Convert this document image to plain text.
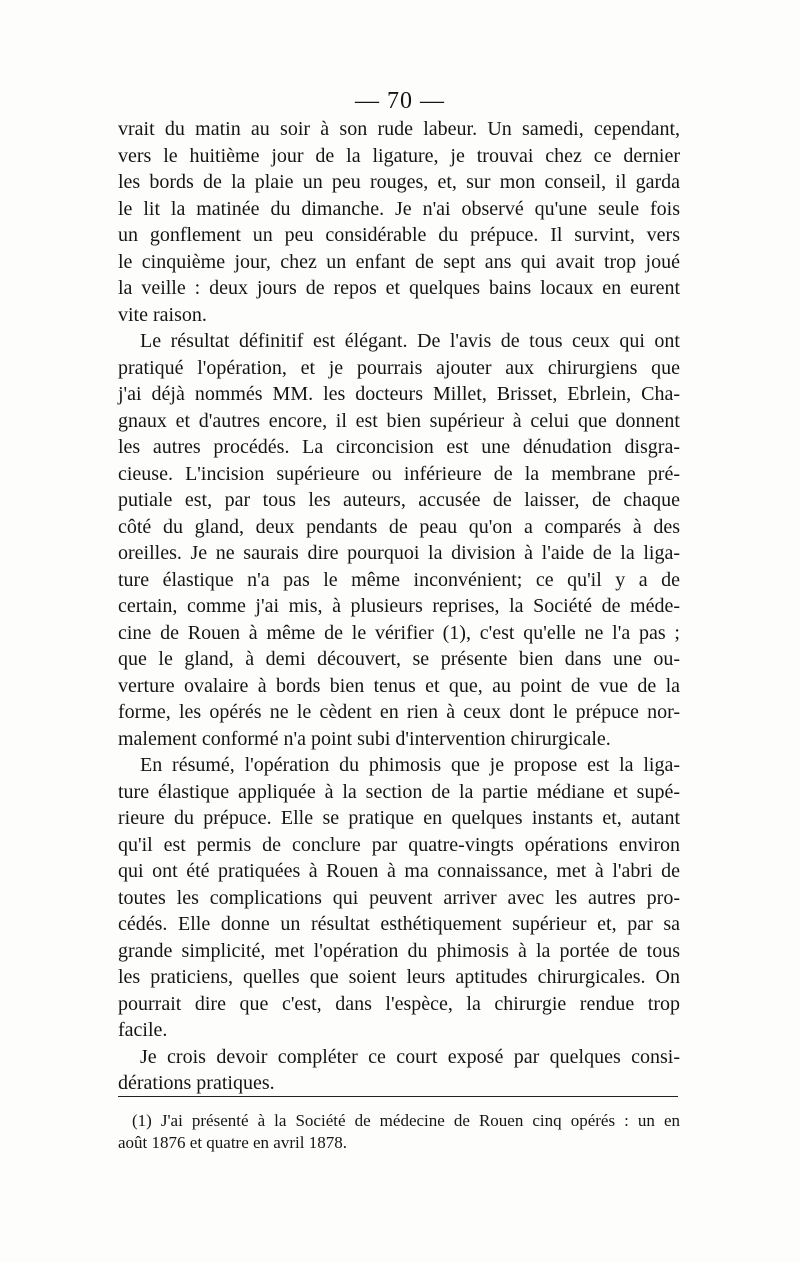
— 70 —
vrait du matin au soir à son rude labeur. Un samedi, cependant,
vers le huitième jour de la ligature, je trouvai chez ce dernier
les bords de la plaie un peu rouges, et, sur mon conseil, il garda
le lit la matinée du dimanche. Je n'ai observé qu'une seule fois
un gonflement un peu considérable du prépuce. Il survint, vers
le cinquième jour, chez un enfant de sept ans qui avait trop joué
la veille : deux jours de repos et quelques bains locaux en eurent
vite raison.
Le résultat définitif est élégant. De l'avis de tous ceux qui ont
pratiqué l'opération, et je pourrais ajouter aux chirurgiens que
j'ai déjà nommés MM. les docteurs Millet, Brisset, Ebrlein, Cha-
gnaux et d'autres encore, il est bien supérieur à celui que donnent
les autres procédés. La circoncision est une dénudation disgra-
cieuse. L'incision supérieure ou inférieure de la membrane pré-
putiale est, par tous les auteurs, accusée de laisser, de chaque
côté du gland, deux pendants de peau qu'on a comparés à des
oreilles. Je ne saurais dire pourquoi la division à l'aide de la liga-
ture élastique n'a pas le même inconvénient; ce qu'il y a de
certain, comme j'ai mis, à plusieurs reprises, la Société de méde-
cine de Rouen à même de le vérifier (1), c'est qu'elle ne l'a pas ;
que le gland, à demi découvert, se présente bien dans une ou-
verture ovalaire à bords bien tenus et que, au point de vue de la
forme, les opérés ne le cèdent en rien à ceux dont le prépuce nor-
malement conformé n'a point subi d'intervention chirurgicale.
En résumé, l'opération du phimosis que je propose est la liga-
ture élastique appliquée à la section de la partie médiane et supé-
rieure du prépuce. Elle se pratique en quelques instants et, autant
qu'il est permis de conclure par quatre-vingts opérations environ
qui ont été pratiquées à Rouen à ma connaissance, met à l'abri de
toutes les complications qui peuvent arriver avec les autres pro-
cédés. Elle donne un résultat esthétiquement supérieur et, par sa
grande simplicité, met l'opération du phimosis à la portée de tous
les praticiens, quelles que soient leurs aptitudes chirurgicales. On
pourrait dire que c'est, dans l'espèce, la chirurgie rendue trop
facile.
Je crois devoir compléter ce court exposé par quelques consi-
dérations pratiques.
(1) J'ai présenté à la Société de médecine de Rouen cinq opérés : un en
août 1876 et quatre en avril 1878.
